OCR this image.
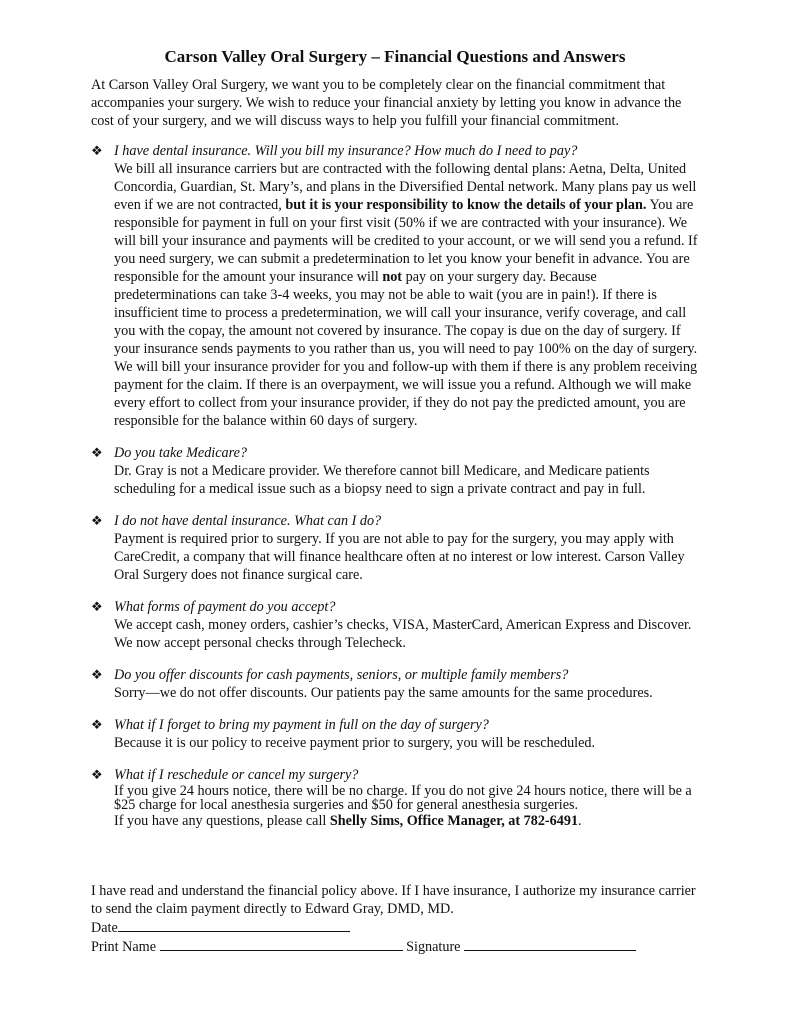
Carson Valley Oral Surgery – Financial Questions and Answers

At Carson Valley Oral Surgery, we want you to be completely clear on the financial commitment that accompanies your surgery. We wish to reduce your financial anxiety by letting you know in advance the cost of your surgery, and we will discuss ways to help you fulfill your financial commitment.

❖ I have dental insurance. Will you bill my insurance? How much do I need to pay?
We bill all insurance carriers but are contracted with the following dental plans: Aetna, Delta, United Concordia, Guardian, St. Mary’s, and plans in the Diversified Dental network. Many plans pay us well even if we are not contracted, but it is your responsibility to know the details of your plan. You are responsible for payment in full on your first visit (50% if we are contracted with your insurance). We will bill your insurance and payments will be credited to your account, or we will send you a refund. If you need surgery, we can submit a predetermination to let you know your benefit in advance. You are responsible for the amount your insurance will not pay on your surgery day. Because predeterminations can take 3-4 weeks, you may not be able to wait (you are in pain!). If there is insufficient time to process a predetermination, we will call your insurance, verify coverage, and call you with the copay, the amount not covered by insurance. The copay is due on the day of surgery. If your insurance sends payments to you rather than us, you will need to pay 100% on the day of surgery.
We will bill your insurance provider for you and follow-up with them if there is any problem receiving payment for the claim. If there is an overpayment, we will issue you a refund. Although we will make every effort to collect from your insurance provider, if they do not pay the predicted amount, you are responsible for the balance within 60 days of surgery.
❖ Do you take Medicare?
Dr. Gray is not a Medicare provider. We therefore cannot bill Medicare, and Medicare patients scheduling for a medical issue such as a biopsy need to sign a private contract and pay in full.
❖ I do not have dental insurance. What can I do?
Payment is required prior to surgery. If you are not able to pay for the surgery, you may apply with CareCredit, a company that will finance healthcare often at no interest or low interest. Carson Valley Oral Surgery does not finance surgical care.
❖ What forms of payment do you accept?
We accept cash, money orders, cashier’s checks, VISA, MasterCard, American Express and Discover. We now accept personal checks through Telecheck.
❖ Do you offer discounts for cash payments, seniors, or multiple family members?
Sorry—we do not offer discounts. Our patients pay the same amounts for the same procedures.
❖ What if I forget to bring my payment in full on the day of surgery?
Because it is our policy to receive payment prior to surgery, you will be rescheduled.
❖ What if I reschedule or cancel my surgery?
If you give 24 hours notice, there will be no charge. If you do not give 24 hours notice, there will be a $25 charge for local anesthesia surgeries and $50 for general anesthesia surgeries.
If you have any questions, please call Shelly Sims, Office Manager, at 782-6491.
I have read and understand the financial policy above. If I have insurance, I authorize my insurance carrier to send the claim payment directly to Edward Gray, DMD, MD.
Date
Print Name	Signature
